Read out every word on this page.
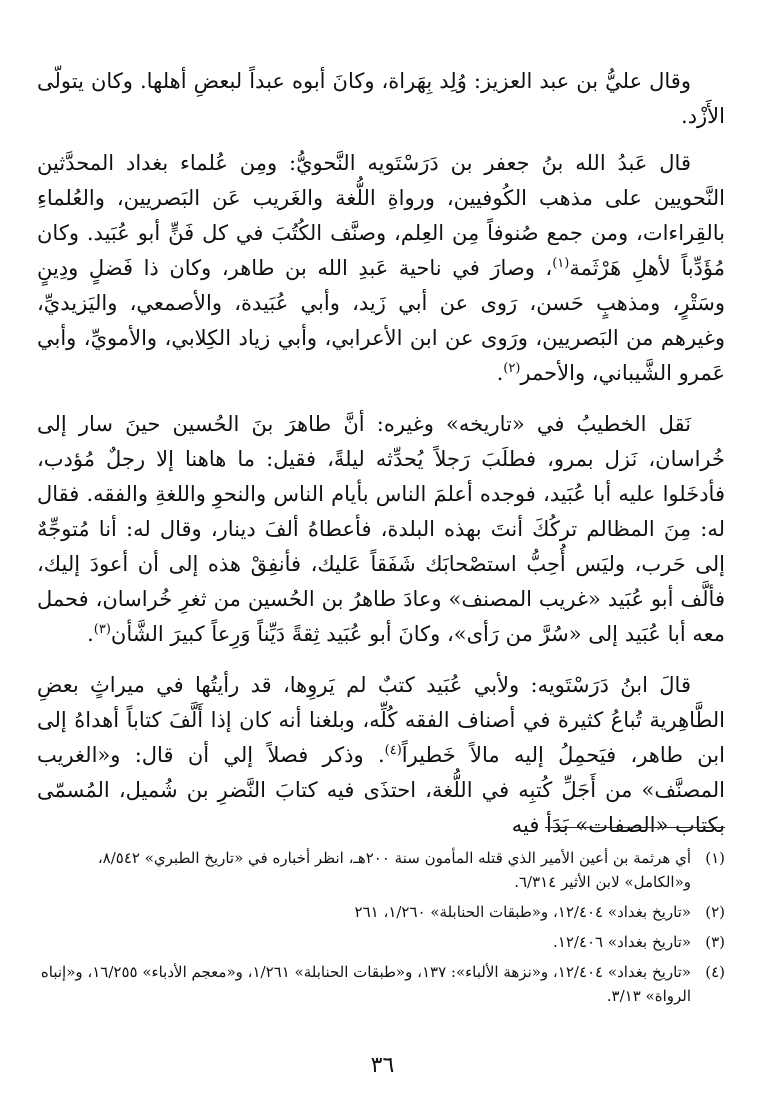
وقال عليُّ بن عبد العزيز: وُلِد بِهَراة، وكانَ أبوه عبداً لبعضِ أهلها. وكان يتولّى الأَزْد.

قال عَبدُ الله بنُ جعفر بن دَرَسْتَويه النَّحويُّ: ومِن عُلماء بغداد المحدَّثين النَّحويين على مذهب الكُوفيين، ورواةِ اللُّغة والغَريب عَن البَصريين، والعُلماءِ بالقِراءات، ومن جمع صُنوفاً مِن العِلم، وصنَّف الكُتُبَ في كل فَنٍّ أبو عُبَيد. وكان مُؤَدِّباً لأهلِ هَرْثَمة$^{(١)}$، وصارَ في ناحية عَبدِ الله بن طاهر، وكان ذا فَضلٍ ودِينٍ وسَتْرٍ، ومذهبٍ حَسن، رَوى عن أبي زَيد، وأبي عُبَيدة، والأصمعي، واليَزيديِّ، وغيرهم من البَصريين، ورَوى عن ابن الأعرابي، وأبي زياد الكِلابي، والأمويِّ، وأبي عَمرو الشَّيباني، والأحمر$^{(٢)}$.

نَقل الخطيبُ في «تاريخه» وغيره: أنَّ طاهرَ بنَ الحُسين حينَ سار إلى خُراسان، نَزل بمرو، فطلَبَ رَجلاً يُحدِّثه ليلةً، فقيل: ما هاهنا إلا رجلٌ مُؤدب، فأدخَلوا عليه أبا عُبَيد، فوجده أعلمَ الناس بأيام الناس والنحوِ واللغةِ والفقه. فقال له: مِنَ المظالم تركُكَ أنتَ بهذه البلدة، فأعطاهُ ألفَ دينار، وقال له: أنا مُتوجِّهٌ إلى حَرب، وليَس أُحِبُّ استصْحابَك شَفَقاً عَليك، فأنفِقْ هذه إلى أن أعودَ إليك، فألَّف أبو عُبَيد «غريب المصنف» وعادَ طاهرُ بن الحُسين من ثغرِ خُراسان، فحمل معه أبا عُبَيد إلى «سُرَّ من رَأى»، وكانَ أبو عُبَيد ثِقةً دَيِّناً وَرِعاً كبيرَ الشَّأن$^{(٣)}$.

قالَ ابنُ دَرَسْتَويه: ولأبي عُبَيد كتبٌ لم يَروِها، قد رأيتُها في ميراثٍ بعضِ الطَّاهِرية تُباعُ كثيرة في أصناف الفقه كُلِّه، وبلغنا أنه كان إذا أَلَّفَ كتاباً أهداهُ إلى ابن طاهر، فيَحمِلُ إليه مالاً خَطيراً$^{(٤)}$. وذكر فصلاً إلي أن قال: و«الغريب المصنَّف» من أَجَلِّ كُتبِه في اللُّغة، احتذَى فيه كتابَ النَّضرِ بن شُميل، المُسمّى بكتاب «الصفات» بَدَأ فيه

(١)
أي هرثمة بن أعين الأمير الذي قتله المأمون سنة ٢٠٠هـ، انظر أخباره في «تاريخ الطبري» ٨/٥٤٢، و«الكامل» لابن الأثير ٦/٣١٤.
(٢)
«تاريخ بغداد» ١٢/٤٠٤، و«طبقات الحنابلة» ١/٢٦٠، ٢٦١
(٣)
«تاريخ بغداد» ١٢/٤٠٦.
(٤)
«تاريخ بغداد» ١٢/٤٠٤، و«نزهة الألباء»: ١٣٧، و«طبقات الحنابلة» ١/٢٦١، و«معجم الأدباء» ١٦/٢٥٥، و«إنباه الرواة» ٣/١٣.
٣٦
